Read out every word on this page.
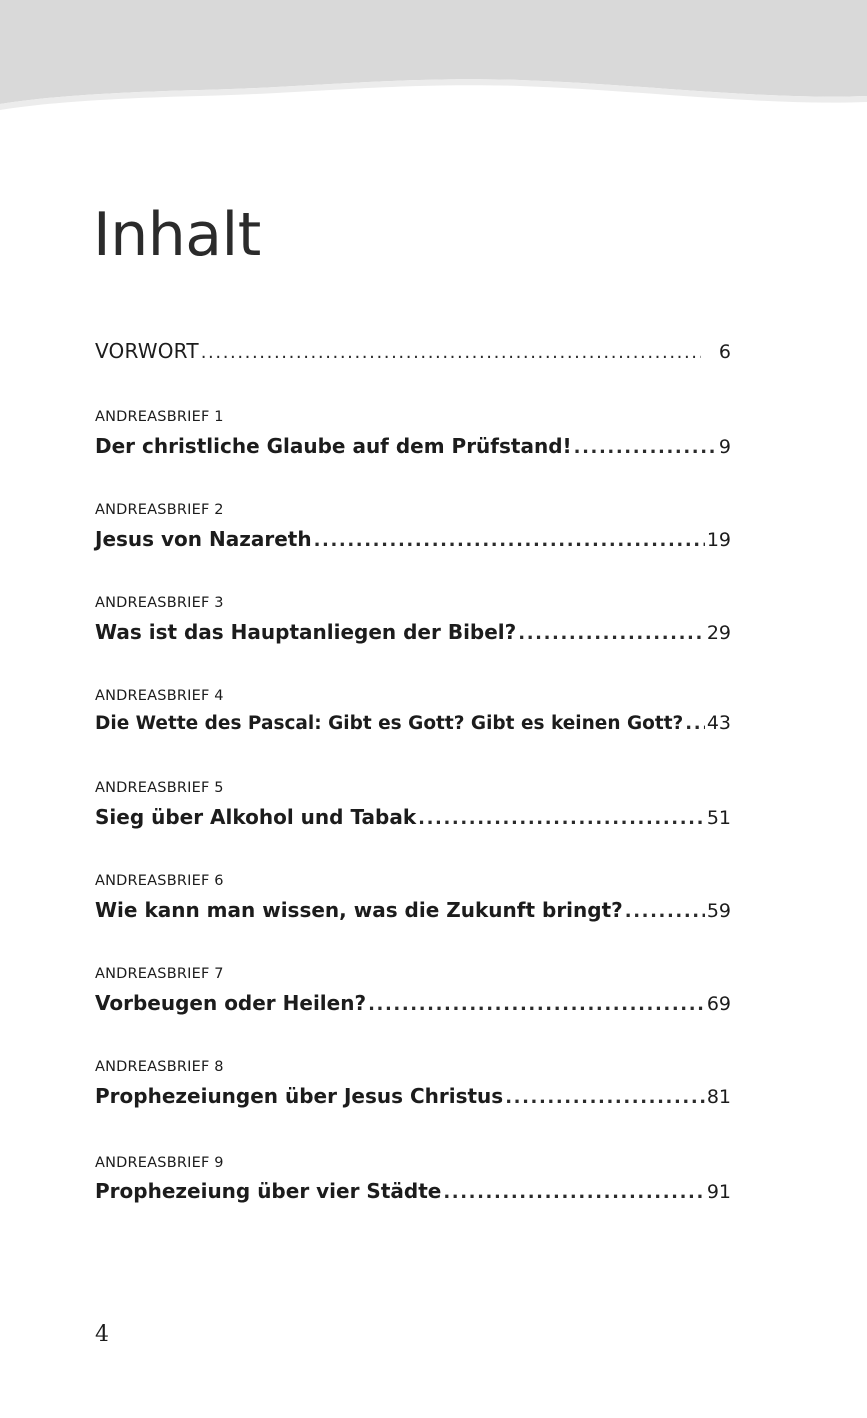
Inhalt
VORWORT .....	6
ANDREASBRIEF 1
Der christliche Glaube auf dem Prüfstand! .....	9
ANDREASBRIEF 2
Jesus von Nazareth .....	19
ANDREASBRIEF 3
Was ist das Hauptanliegen der Bibel? .....	29
ANDREASBRIEF 4
Die Wette des Pascal: Gibt es Gott? Gibt es keinen Gott? ..... 43
ANDREASBRIEF 5
Sieg über Alkohol und Tabak .....	51
ANDREASBRIEF 6
Wie kann man wissen, was die Zukunft bringt? .....	59
ANDREASBRIEF 7
Vorbeugen oder Heilen? .....	69
ANDREASBRIEF 8
Prophezeiungen über Jesus Christus .....	81
ANDREASBRIEF 9
Prophezeiung über vier Städte .....	91
4
